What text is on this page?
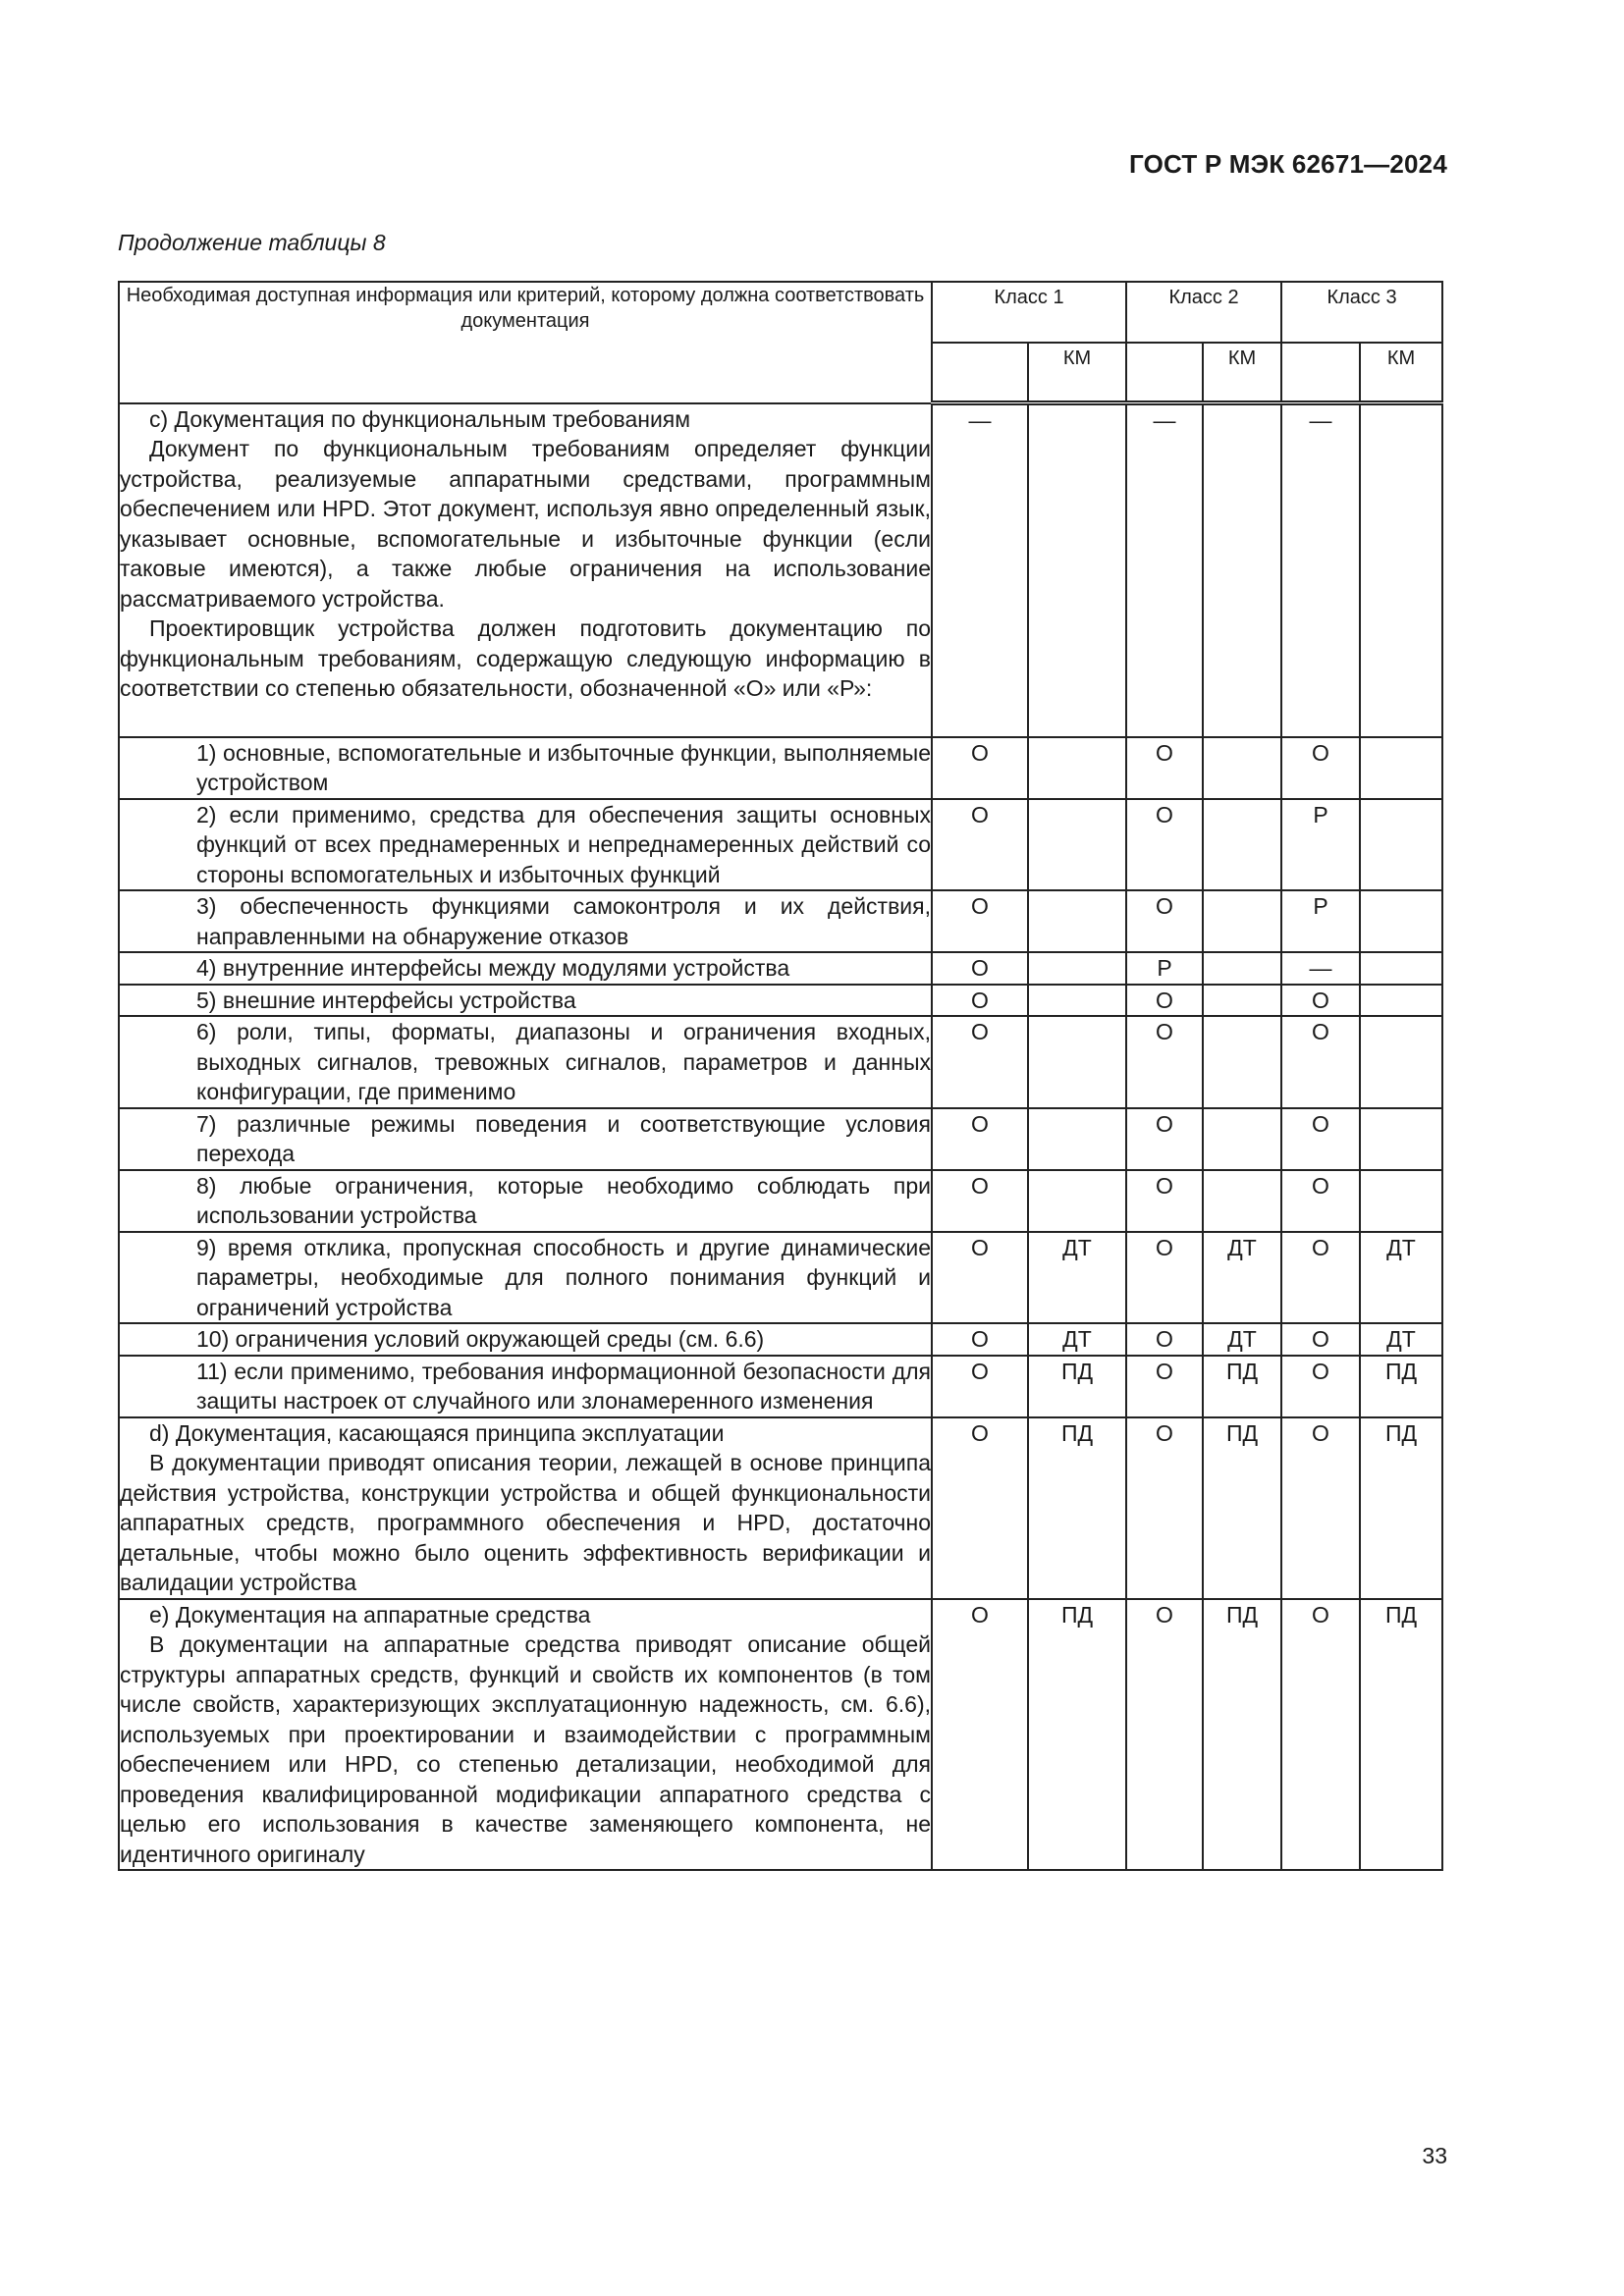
ГОСТ Р МЭК 62671—2024
Продолжение таблицы 8
Необходимая доступная информация или критерий, которому должна соответствовать документация	Класс 1		Класс 2		Класс 3	
		КМ		КМ		КМ

c) Документация по функциональным требованиям

Документ по функциональным требованиям определяет функции устройства, реализуемые аппаратными средствами, программным обеспечением или HPD. Этот документ, используя явно определенный язык, указывает основные, вспомогательные и избыточные функции (если таковые имеются), а также любые ограничения на использование рассматриваемого устройства.

Проектировщик устройства должен подготовить документацию по функциональным требованиям, содержащую следующую информацию в соответствии со степенью обязательности, обозначенной «О» или «Р»:	—		—		—	
1) основные, вспомогательные и избыточные функции, выполняемые устройством	О		О		О	
2) если применимо, средства для обеспечения защиты основных функций от всех преднамеренных и непреднамеренных действий со стороны вспомогательных и избыточных функций	О		О		Р	
3) обеспеченность функциями самоконтроля и их действия, направленными на обнаружение отказов	О		О		Р	
4) внутренние интерфейсы между модулями устройства	О		Р		—	
5) внешние интерфейсы устройства	О		О		О	
6) роли, типы, форматы, диапазоны и ограничения входных, выходных сигналов, тревожных сигналов, параметров и данных конфигурации, где применимо	О		О		О	
7) различные режимы поведения и соответствующие условия перехода	О		О		О	
8) любые ограничения, которые необходимо соблюдать при использовании устройства	О		О		О	
9) время отклика, пропускная способность и другие динамические параметры, необходимые для полного понимания функций и ограничений устройства	О	ДТ	О	ДТ	О	ДТ
10) ограничения условий окружающей среды (см. 6.6)	О	ДТ	О	ДТ	О	ДТ
11) если применимо, требования информационной безопасности для защиты настроек от случайного или злонамеренного изменения	О	ПД	О	ПД	О	ПД

d) Документация, касающаяся принципа эксплуатации

В документации приводят описания теории, лежащей в основе принципа действия устройства, конструкции устройства и общей функциональности аппаратных средств, программного обеспечения и HPD, достаточно детальные, чтобы можно было оценить эффективность верификации и валидации устройства	О	ПД	О	ПД	О	ПД

e) Документация на аппаратные средства

В документации на аппаратные средства приводят описание общей структуры аппаратных средств, функций и свойств их компонентов (в том числе свойств, характеризующих эксплуатационную надежность, см. 6.6), используемых при проектировании и взаимодействии с программным обеспечением или HPD, со степенью детализации, необходимой для проведения квалифицированной модификации аппаратного средства с целью его использования в качестве заменяющего компонента, не идентичного оригиналу	О	ПД	О	ПД	О	ПД
33
